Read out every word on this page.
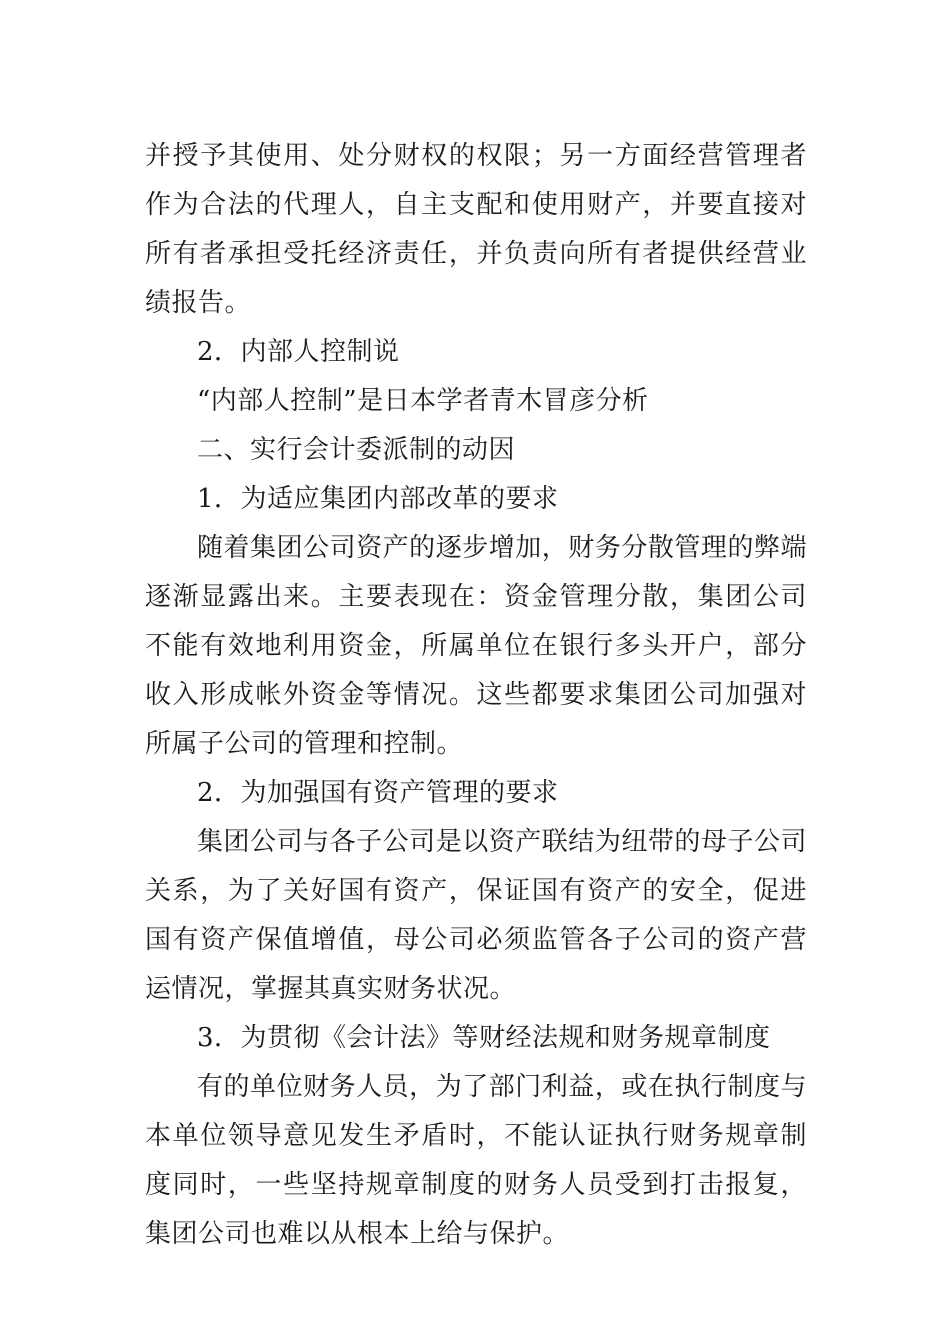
并授予其使用、处分财权的权限；另一方面经营管理者作为合法的代理人，自主支配和使用财产，并要直接对所有者承担受托经济责任，并负责向所有者提供经营业绩报告。

2．内部人控制说

“内部人控制”是日本学者青木冒彦分析

二、实行会计委派制的动因

1．为适应集团内部改革的要求

随着集团公司资产的逐步增加，财务分散管理的弊端逐渐显露出来。主要表现在：资金管理分散，集团公司不能有效地利用资金，所属单位在银行多头开户，部分收入形成帐外资金等情况。这些都要求集团公司加强对所属子公司的管理和控制。

2．为加强国有资产管理的要求

集团公司与各子公司是以资产联结为纽带的母子公司关系，为了关好国有资产，保证国有资产的安全，促进国有资产保值增值，母公司必须监管各子公司的资产营运情况，掌握其真实财务状况。

3．为贯彻《会计法》等财经法规和财务规章制度

有的单位财务人员，为了部门利益，或在执行制度与本单位领导意见发生矛盾时，不能认证执行财务规章制度同时，一些坚持规章制度的财务人员受到打击报复，集团公司也难以从根本上给与保护。
